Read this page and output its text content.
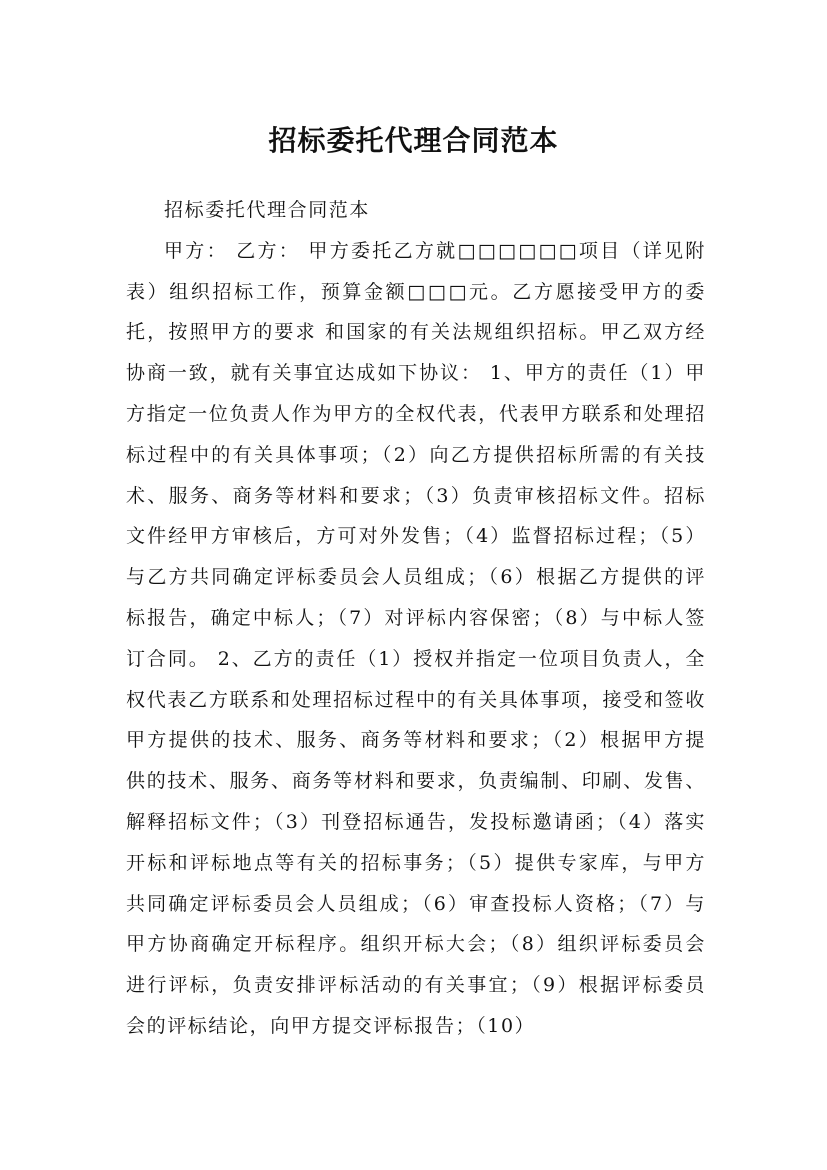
招标委托代理合同范本

招标委托代理合同范本

甲方： 乙方： 甲方委托乙方就□□□□□□项目（详见附表）组织招标工作，预算金额□□□元。乙方愿接受甲方的委托，按照甲方的要求 和国家的有关法规组织招标。甲乙双方经协商一致，就有关事宜达成如下协议： 1、甲方的责任（1）甲方指定一位负责人作为甲方的全权代表，代表甲方联系和处理招标过程中的有关具体事项；（2）向乙方提供招标所需的有关技术、服务、商务等材料和要求；（3）负责审核招标文件。招标文件经甲方审核后，方可对外发售；（4）监督招标过程；（5）与乙方共同确定评标委员会人员组成；（6）根据乙方提供的评标报告，确定中标人；（7）对评标内容保密；（8）与中标人签订合同。 2、乙方的责任（1）授权并指定一位项目负责人，全权代表乙方联系和处理招标过程中的有关具体事项，接受和签收甲方提供的技术、服务、商务等材料和要求；（2）根据甲方提供的技术、服务、商务等材料和要求，负责编制、印刷、发售、解释招标文件；（3）刊登招标通告，发投标邀请函；（4）落实开标和评标地点等有关的招标事务；（5）提供专家库，与甲方共同确定评标委员会人员组成；（6）审查投标人资格；（7）与甲方协商确定开标程序。组织开标大会；（8）组织评标委员会进行评标，负责安排评标活动的有关事宜；（9）根据评标委员会的评标结论，向甲方提交评标报告；（10）
